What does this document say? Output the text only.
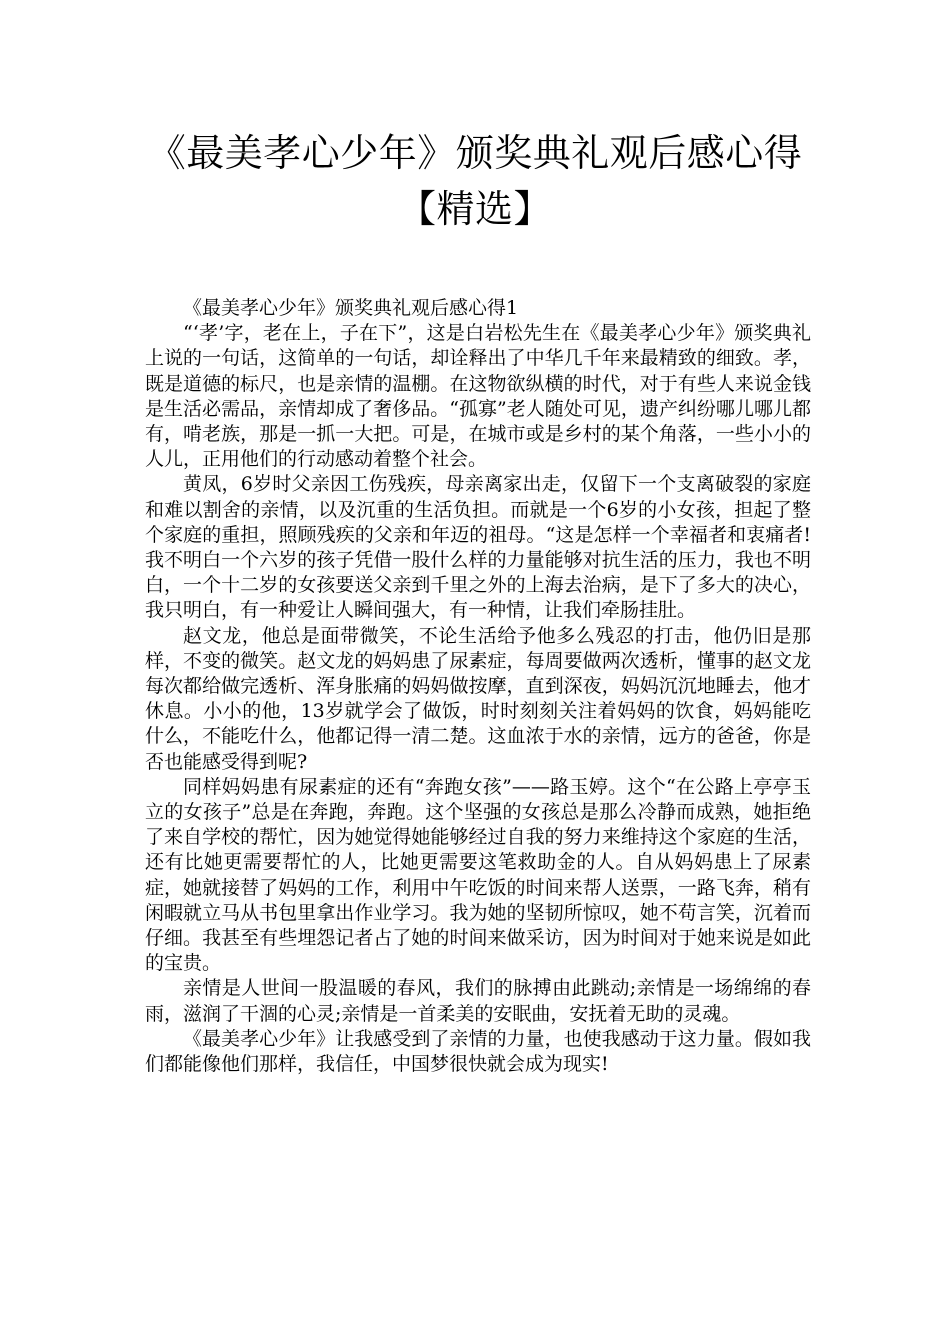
《最美孝心少年》颁奖典礼观后感心得
【精选】

《最美孝心少年》颁奖典礼观后感心得1

“‘孝’字，老在上，子在下”，这是白岩松先生在《最美孝心少年》颁奖典礼上说的一句话，这简单的一句话，却诠释出了中华几千年来最精致的细致。孝，既是道德的标尺，也是亲情的温棚。在这物欲纵横的时代，对于有些人来说金钱是生活必需品，亲情却成了奢侈品。“孤寡”老人随处可见，遗产纠纷哪儿哪儿都有，啃老族，那是一抓一大把。可是，在城市或是乡村的某个角落，一些小小的人儿，正用他们的行动感动着整个社会。

黄凤，6岁时父亲因工伤残疾，母亲离家出走，仅留下一个支离破裂的家庭和难以割舍的亲情，以及沉重的生活负担。而就是一个6岁的小女孩，担起了整个家庭的重担，照顾残疾的父亲和年迈的祖母。“这是怎样一个幸福者和衷痛者!我不明白一个六岁的孩子凭借一股什么样的力量能够对抗生活的压力，我也不明白，一个十二岁的女孩要送父亲到千里之外的上海去治病，是下了多大的决心，我只明白，有一种爱让人瞬间强大，有一种情，让我们牵肠挂肚。

赵文龙，他总是面带微笑，不论生活给予他多么残忍的打击，他仍旧是那样，不变的微笑。赵文龙的妈妈患了尿素症，每周要做两次透析，懂事的赵文龙每次都给做完透析、浑身胀痛的妈妈做按摩，直到深夜，妈妈沉沉地睡去，他才休息。小小的他，13岁就学会了做饭，时时刻刻关注着妈妈的饮食，妈妈能吃什么，不能吃什么，他都记得一清二楚。这血浓于水的亲情，远方的爸爸，你是否也能感受得到呢?

同样妈妈患有尿素症的还有“奔跑女孩”——路玉婷。这个“在公路上亭亭玉立的女孩子”总是在奔跑，奔跑。这个坚强的女孩总是那么冷静而成熟，她拒绝了来自学校的帮忙，因为她觉得她能够经过自我的努力来维持这个家庭的生活，还有比她更需要帮忙的人，比她更需要这笔救助金的人。自从妈妈患上了尿素症，她就接替了妈妈的工作，利用中午吃饭的时间来帮人送票，一路飞奔，稍有闲暇就立马从书包里拿出作业学习。我为她的坚韧所惊叹，她不苟言笑，沉着而仔细。我甚至有些埋怨记者占了她的时间来做采访，因为时间对于她来说是如此的宝贵。

亲情是人世间一股温暖的春风，我们的脉搏由此跳动;亲情是一场绵绵的春雨，滋润了干涸的心灵;亲情是一首柔美的安眠曲，安抚着无助的灵魂。

《最美孝心少年》让我感受到了亲情的力量，也使我感动于这力量。假如我们都能像他们那样，我信任，中国梦很快就会成为现实!
